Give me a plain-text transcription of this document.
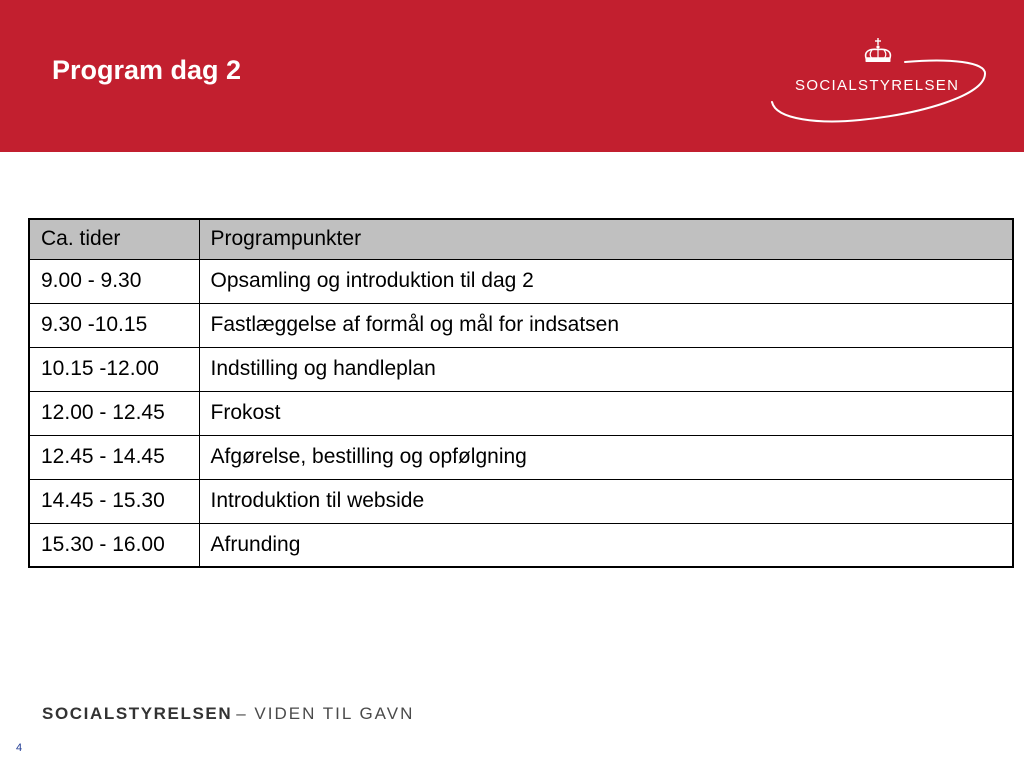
Program dag 2
SOCIALSTYRELSEN
Ca. tider	Programpunkter
9.00 - 9.30	Opsamling og introduktion til dag 2
9.30 -10.15	Fastlæggelse af formål og mål for indsatsen
10.15 -12.00	Indstilling og handleplan
12.00 - 12.45	Frokost
12.45 - 14.45	Afgørelse, bestilling og opfølgning
14.45 - 15.30	Introduktion til webside
15.30 - 16.00	Afrunding
SOCIALSTYRELSEN – VIDEN TIL GAVN
4
